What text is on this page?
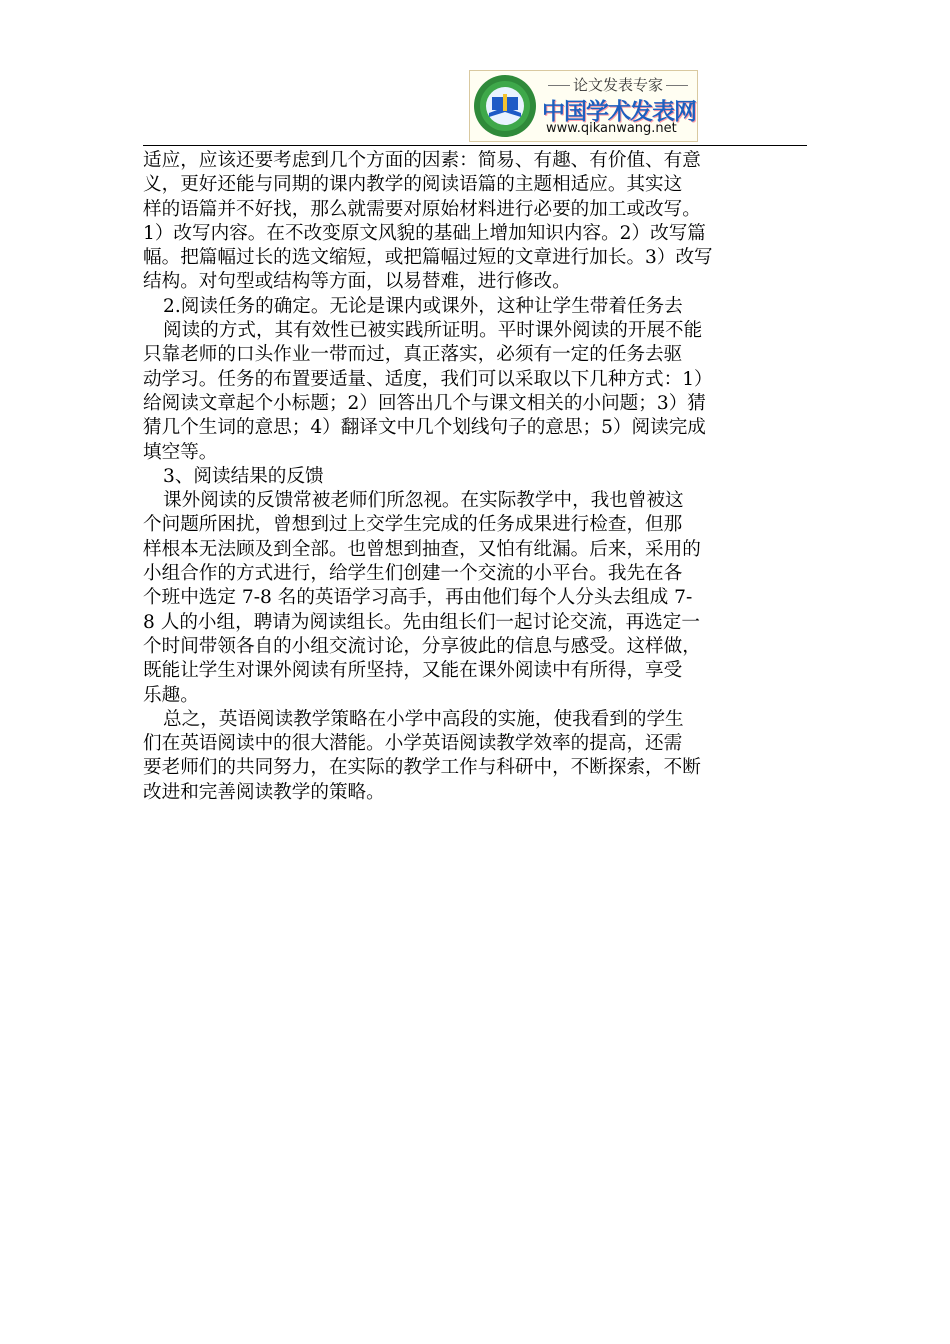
论文发表专家
中国学术发表网
www.qikanwang.net
适应，应该还要考虑到几个方面的因素：简易、有趣、有价值、有意
义，更好还能与同期的课内教学的阅读语篇的主题相适应。其实这
样的语篇并不好找，那么就需要对原始材料进行必要的加工或改写。
1）改写内容。在不改变原文风貌的基础上增加知识内容。2）改写篇
幅。把篇幅过长的选文缩短，或把篇幅过短的文章进行加长。3）改写
结构。对句型或结构等方面，以易替难，进行修改。
2.阅读任务的确定。无论是课内或课外，这种让学生带着任务去
阅读的方式，其有效性已被实践所证明。平时课外阅读的开展不能
只靠老师的口头作业一带而过，真正落实，必须有一定的任务去驱
动学习。任务的布置要适量、适度，我们可以采取以下几种方式：1）
给阅读文章起个小标题；2）回答出几个与课文相关的小问题；3）猜
猜几个生词的意思；4）翻译文中几个划线句子的意思；5）阅读完成
填空等。
3、阅读结果的反馈
课外阅读的反馈常被老师们所忽视。在实际教学中，我也曾被这
个问题所困扰，曾想到过上交学生完成的任务成果进行检查，但那
样根本无法顾及到全部。也曾想到抽查，又怕有纰漏。后来，采用的
小组合作的方式进行，给学生们创建一个交流的小平台。我先在各
个班中选定 7-8 名的英语学习高手，再由他们每个人分头去组成 7-
8 人的小组，聘请为阅读组长。先由组长们一起讨论交流，再选定一
个时间带领各自的小组交流讨论，分享彼此的信息与感受。这样做，
既能让学生对课外阅读有所坚持，又能在课外阅读中有所得，享受
乐趣。
总之，英语阅读教学策略在小学中高段的实施，使我看到的学生
们在英语阅读中的很大潜能。小学英语阅读教学效率的提高，还需
要老师们的共同努力，在实际的教学工作与科研中，不断探索，不断
改进和完善阅读教学的策略。
